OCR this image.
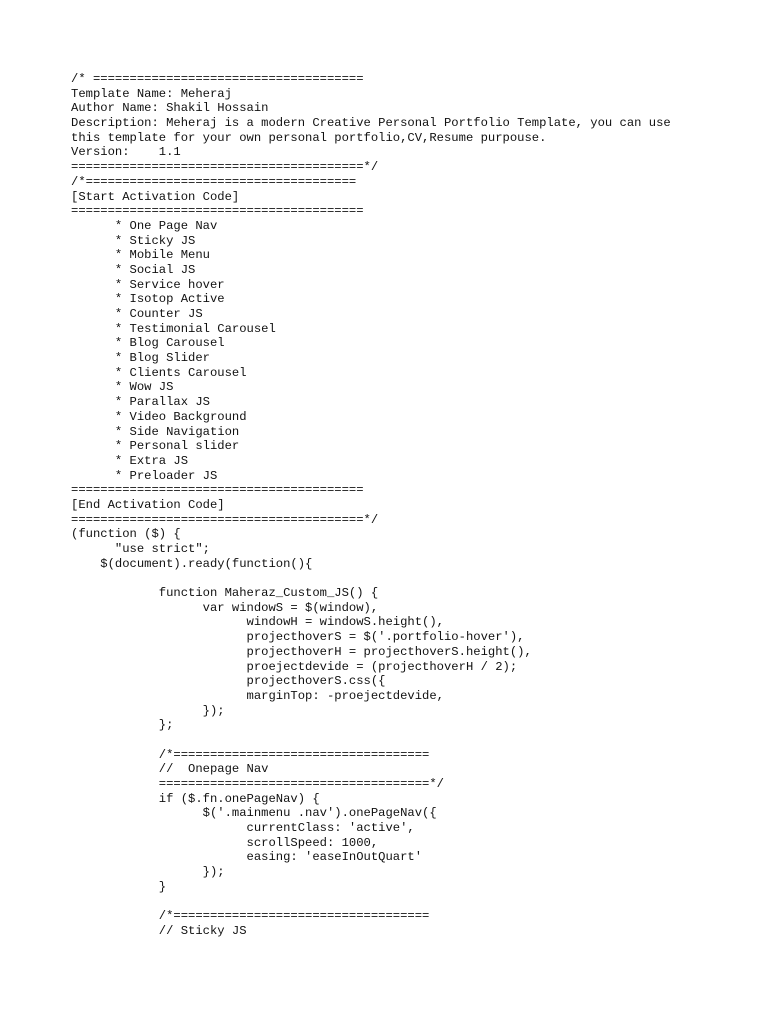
/* =====================================
Template Name: Meheraj
Author Name: Shakil Hossain
Description: Meheraj is a modern Creative Personal Portfolio Template, you can use
this template for your own personal portfolio,CV,Resume purpouse.
Version:    1.1
========================================*/
/*=====================================
[Start Activation Code]
========================================
* One Page Nav
* Sticky JS
* Mobile Menu
* Social JS
* Service hover
* Isotop Active
* Counter JS
* Testimonial Carousel
* Blog Carousel
* Blog Slider
* Clients Carousel
* Wow JS
* Parallax JS
* Video Background
* Side Navigation
* Personal slider
* Extra JS
* Preloader JS
========================================
[End Activation Code]
========================================*/
(function ($) {
"use strict";
$(document).ready(function(){
function Maheraz_Custom_JS() {
var windowS = $(window),
windowH = windowS.height(),
projecthoverS = $('.portfolio-hover'),
projecthoverH = projecthoverS.height(),
proejectdevide = (projecthoverH / 2);
projecthoverS.css({
marginTop: -proejectdevide,
});
};
/*===================================
//  Onepage Nav
=====================================*/
if ($.fn.onePageNav) {
$('.mainmenu .nav').onePageNav({
currentClass: 'active',
scrollSpeed: 1000,
easing: 'easeInOutQuart'
});
}
/*===================================
// Sticky JS
